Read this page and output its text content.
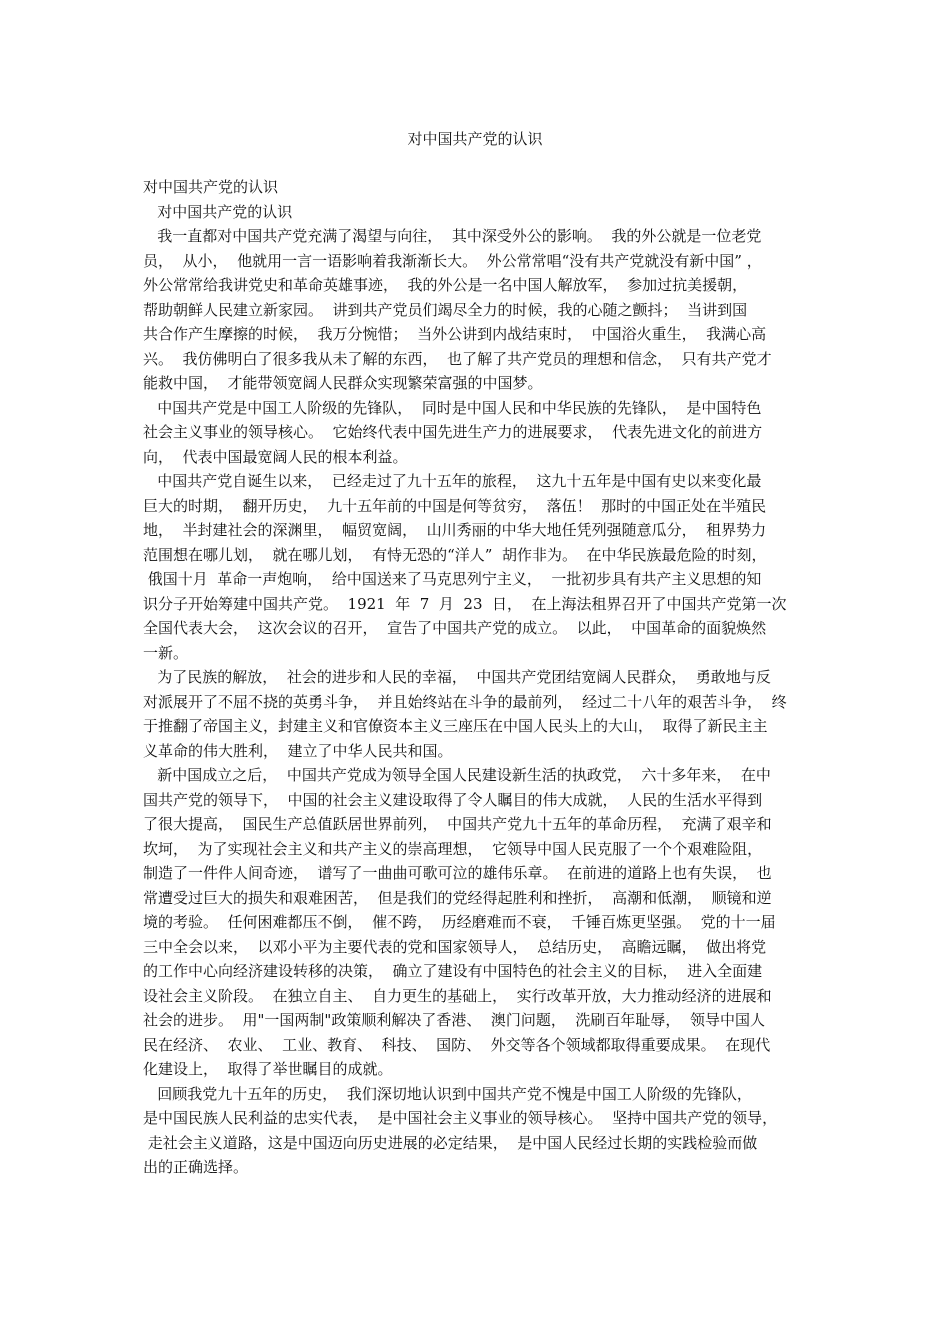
对中国共产党的认识
对中国共产党的认识
对中国共产党的认识
我一直都对中国共产党充满了渴望与向往，  其中深受外公的影响。  我的外公就是一位老党
员，  从小，  他就用一言一语影响着我渐渐长大。  外公常常唱“没有共产党就没有新中国” ，
外公常常给我讲党史和革命英雄事迹，  我的外公是一名中国人解放军，  参加过抗美援朝，
帮助朝鲜人民建立新家园。  讲到共产党员们竭尽全力的时候，我的心随之颤抖；  当讲到国
共合作产生摩擦的时候，  我万分惋惜；  当外公讲到内战结束时，  中国浴火重生，  我满心高
兴。  我仿佛明白了很多我从未了解的东西，  也了解了共产党员的理想和信念，  只有共产党才
能救中国，  才能带领宽阔人民群众实现繁荣富强的中国梦。
中国共产党是中国工人阶级的先锋队，  同时是中国人民和中华民族的先锋队，  是中国特色
社会主义事业的领导核心。  它始终代表中国先进生产力的进展要求，  代表先进文化的前进方
向，  代表中国最宽阔人民的根本利益。
中国共产党自诞生以来，  已经走过了九十五年的旅程，  这九十五年是中国有史以来变化最
巨大的时期，  翻开历史，  九十五年前的中国是何等贫穷，  落伍！  那时的中国正处在半殖民
地，  半封建社会的深渊里，  幅贸宽阔，  山川秀丽的中华大地任凭列强随意瓜分，  租界势力
范围想在哪儿划，  就在哪儿划，  有恃无恐的“洋人”  胡作非为。  在中华民族最危险的时刻，
俄国十月  革命一声炮响，  给中国送来了马克思列宁主义，  一批初步具有共产主义思想的知
识分子开始筹建中国共产党。  1921  年  7  月  23  日，  在上海法租界召开了中国共产党第一次
全国代表大会，  这次会议的召开，  宣告了中国共产党的成立。  以此，  中国革命的面貌焕然
一新。
为了民族的解放，  社会的进步和人民的幸福，  中国共产党团结宽阔人民群众，  勇敢地与反
对派展开了不屈不挠的英勇斗争，  并且始终站在斗争的最前列，  经过二十八年的艰苦斗争，  终
于推翻了帝国主义，封建主义和官僚资本主义三座压在中国人民头上的大山，  取得了新民主主
义革命的伟大胜利，  建立了中华人民共和国。
新中国成立之后，  中国共产党成为领导全国人民建设新生活的执政党，  六十多年来，  在中
国共产党的领导下，  中国的社会主义建设取得了令人瞩目的伟大成就，  人民的生活水平得到
了很大提高，  国民生产总值跃居世界前列，  中国共产党九十五年的革命历程，  充满了艰辛和
坎坷，  为了实现社会主义和共产主义的崇高理想，  它领导中国人民克服了一个个艰难险阻，
制造了一件件人间奇迹，  谱写了一曲曲可歌可泣的雄伟乐章。  在前进的道路上也有失误，  也
常遭受过巨大的损失和艰难困苦，  但是我们的党经得起胜利和挫折，  高潮和低潮，  顺镜和逆
境的考验。  任何困难都压不倒，  催不跨，  历经磨难而不衰，  千锤百炼更坚强。  党的十一届
三中全会以来，  以邓小平为主要代表的党和国家领导人，  总结历史，  高瞻远瞩，  做出将党
的工作中心向经济建设转移的决策，  确立了建设有中国特色的社会主义的目标，  进入全面建
设社会主义阶段。  在独立自主、  自力更生的基础上，  实行改革开放，大力推动经济的进展和
社会的进步。  用"一国两制"政策顺利解决了香港、  澳门问题，  洗刷百年耻辱，  领导中国人
民在经济、  农业、  工业、教育、  科技、  国防、  外交等各个领域都取得重要成果。  在现代
化建设上，  取得了举世瞩目的成就。
回顾我党九十五年的历史，  我们深切地认识到中国共产党不愧是中国工人阶级的先锋队，
是中国民族人民利益的忠实代表，  是中国社会主义事业的领导核心。  坚持中国共产党的领导，
走社会主义道路，这是中国迈向历史进展的必定结果，  是中国人民经过长期的实践检验而做
出的正确选择。
